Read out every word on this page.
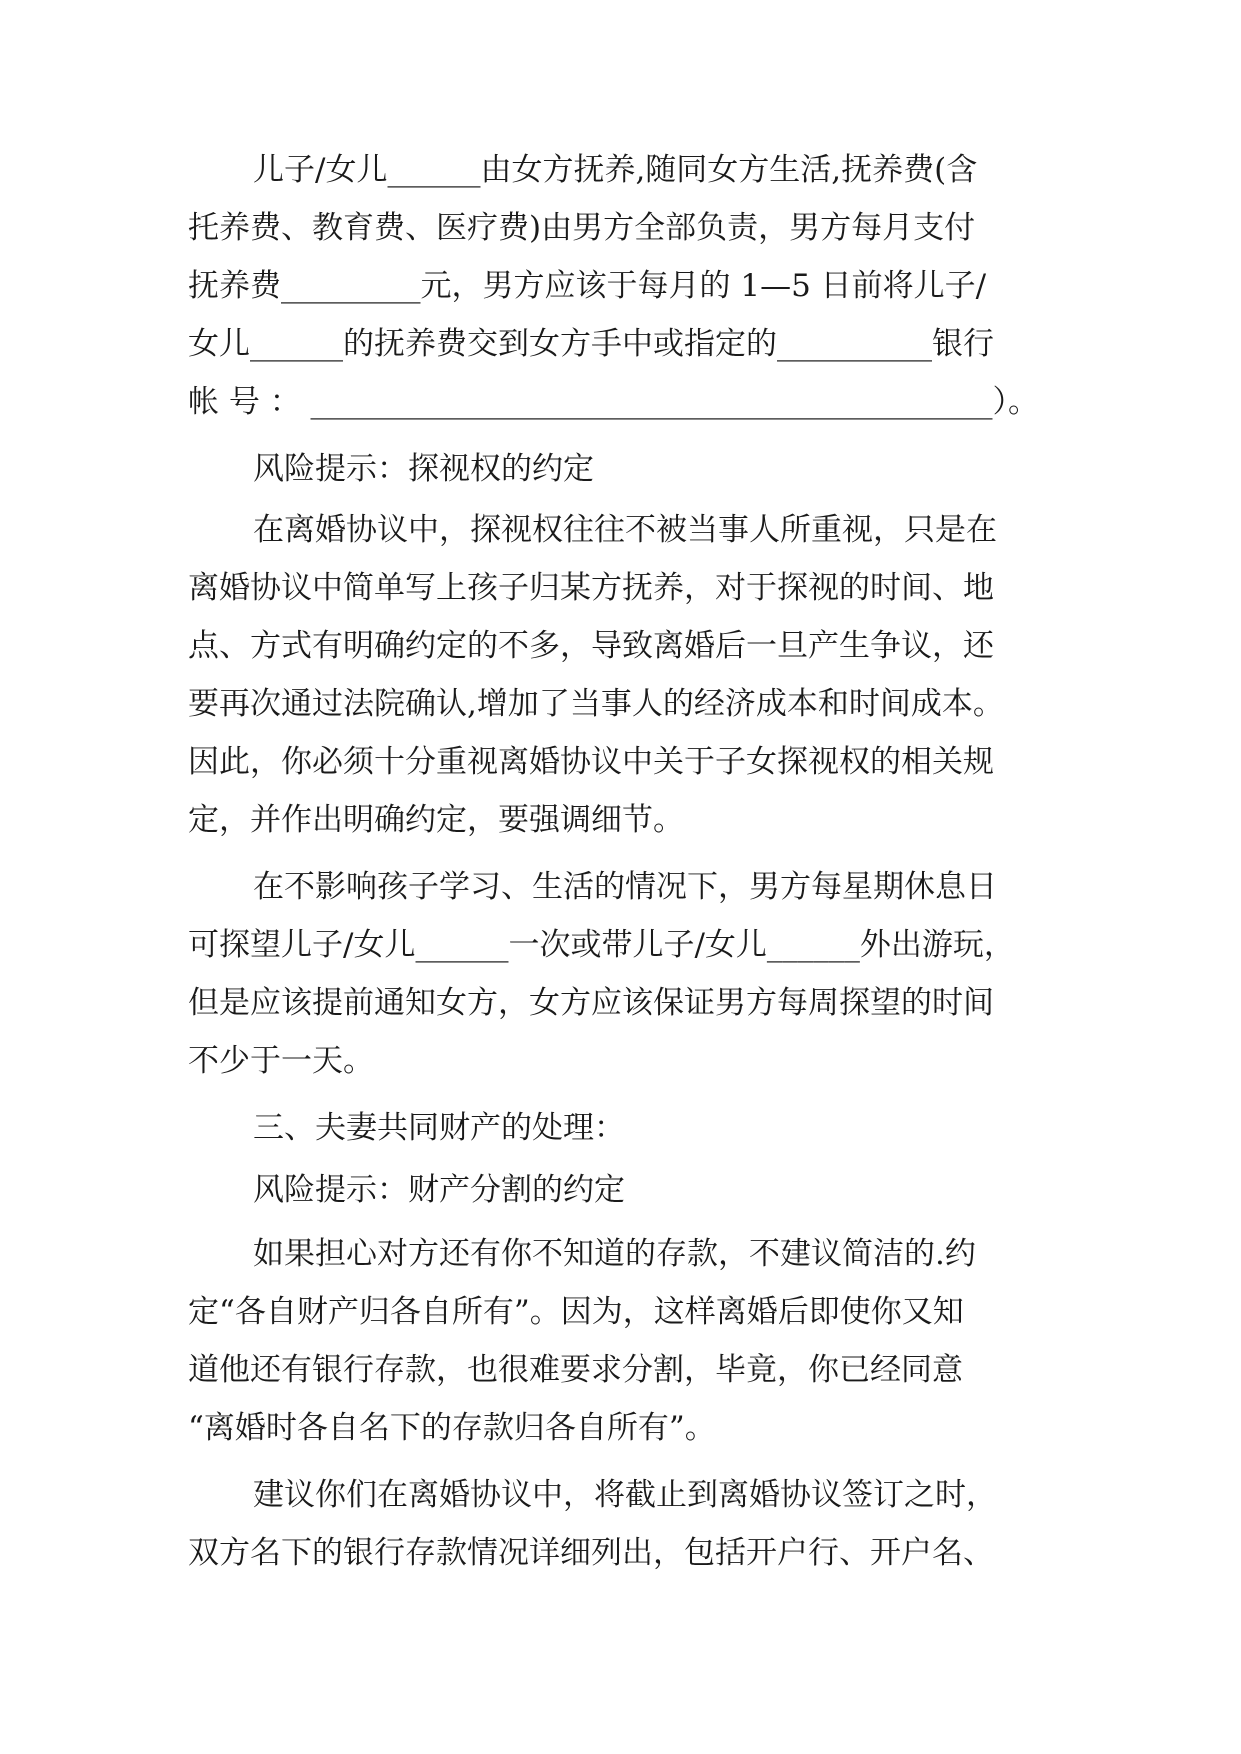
儿子/女儿______由女方抚养,随同女方生活,抚养费(含
托养费、教育费、医疗费)由男方全部负责，男方每月支付
抚养费_________元，男方应该于每月的 1—5 日前将儿子/
女儿______的抚养费交到女方手中或指定的__________银行
帐 号 ： ____________________________________________）。
风险提示：探视权的约定
在离婚协议中，探视权往往不被当事人所重视，只是在
离婚协议中简单写上孩子归某方抚养，对于探视的时间、地
点、方式有明确约定的不多，导致离婚后一旦产生争议，还
要再次通过法院确认,增加了当事人的经济成本和时间成本。
因此，你必须十分重视离婚协议中关于子女探视权的相关规
定，并作出明确约定，要强调细节。
在不影响孩子学习、生活的情况下，男方每星期休息日
可探望儿子/女儿______一次或带儿子/女儿______外出游玩，
但是应该提前通知女方，女方应该保证男方每周探望的时间
不少于一天。
三、夫妻共同财产的处理：
风险提示：财产分割的约定
如果担心对方还有你不知道的存款，不建议简洁的.约
定“各自财产归各自所有”。因为，这样离婚后即使你又知
道他还有银行存款，也很难要求分割，毕竟，你已经同意
“离婚时各自名下的存款归各自所有”。
建议你们在离婚协议中，将截止到离婚协议签订之时，
双方名下的银行存款情况详细列出，包括开户行、开户名、
